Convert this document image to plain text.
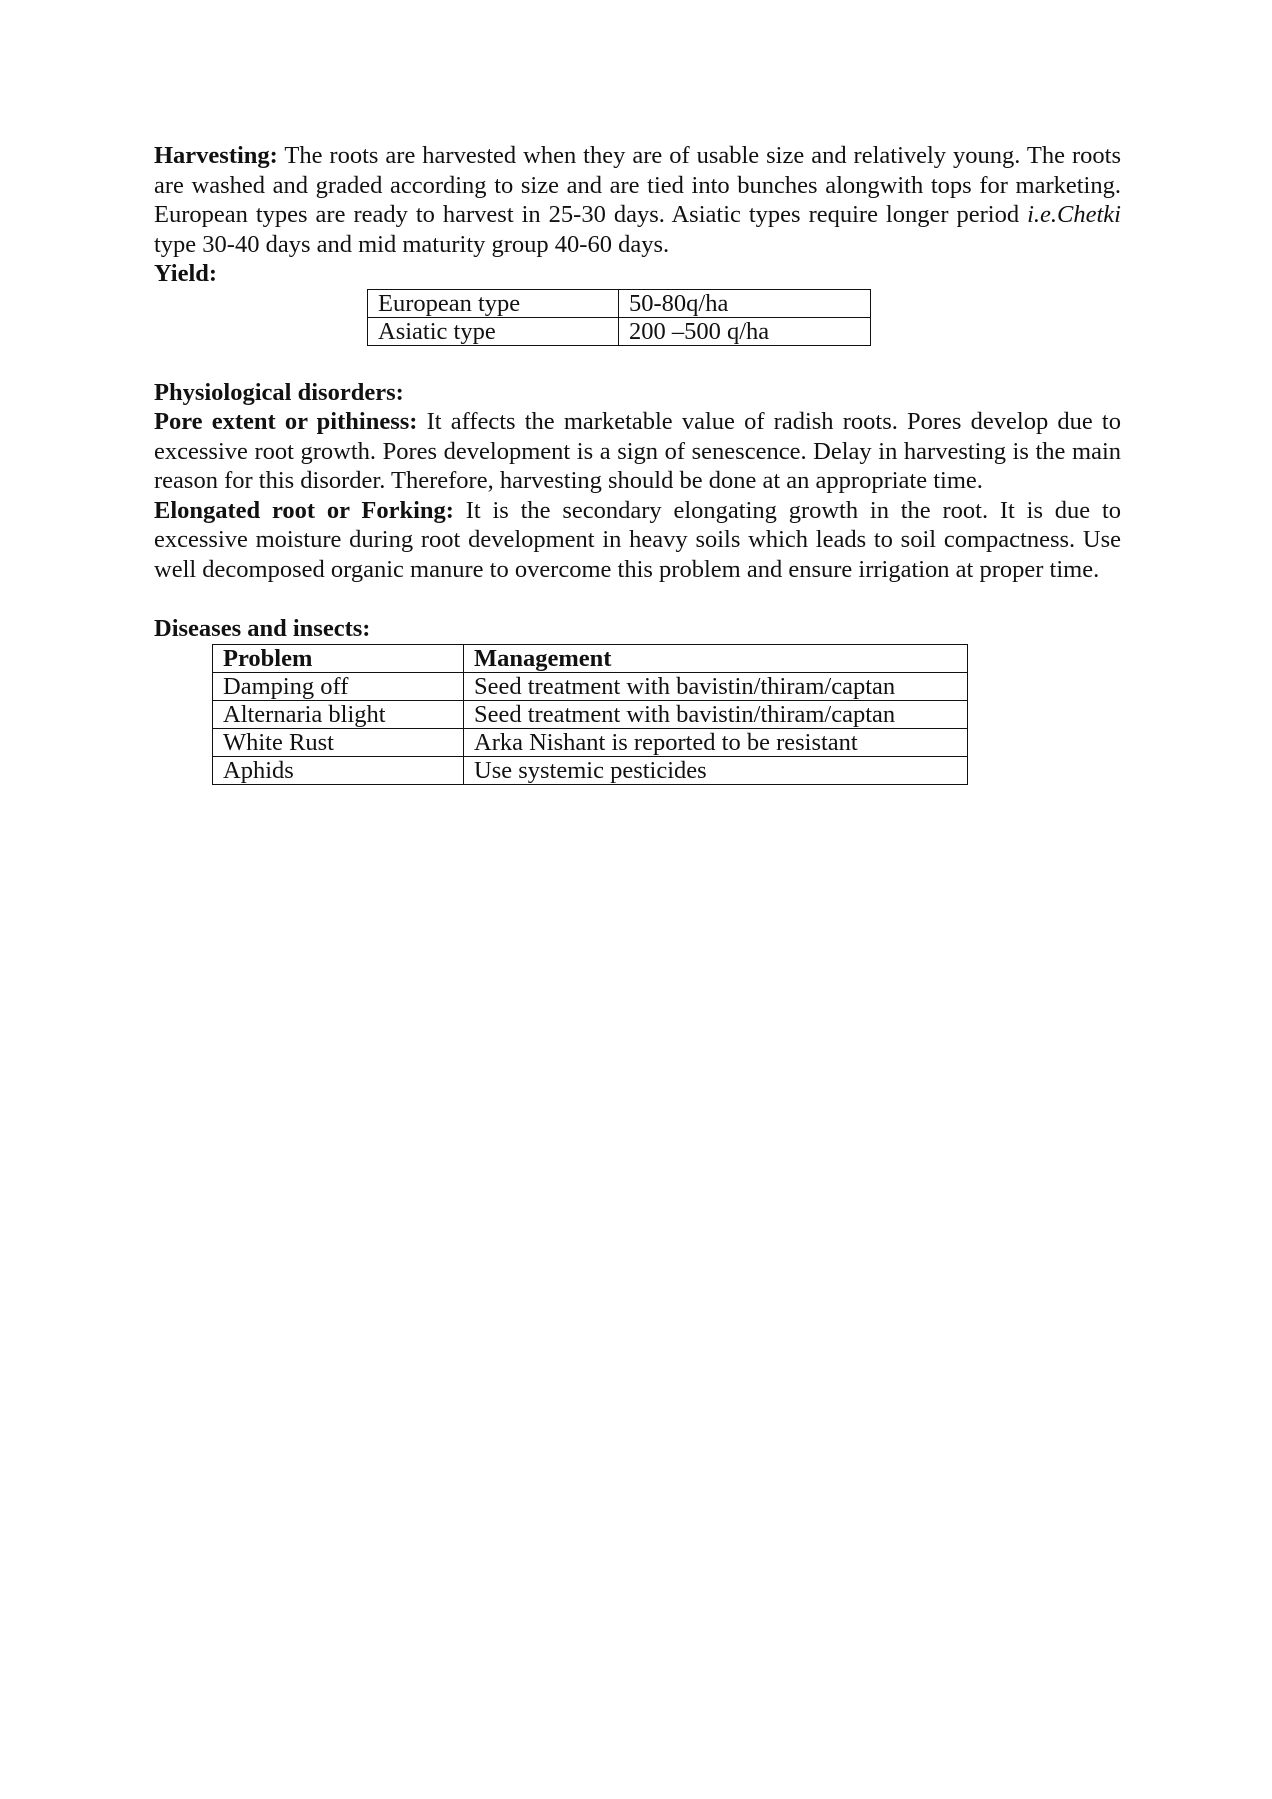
Harvesting: The roots are harvested when they are of usable size and relatively young. The roots are washed and graded according to size and are tied into bunches alongwith tops for marketing. European types are ready to harvest in 25-30 days. Asiatic types require longer period i.e.Chetki type 30-40 days and mid maturity group 40-60 days.

Yield:

European type	50-80q/ha
Asiatic type	200 –500 q/ha

Physiological disorders:

Pore extent or pithiness: It affects the marketable value of radish roots. Pores develop due to excessive root growth. Pores development is a sign of senescence. Delay in harvesting is the main reason for this disorder. Therefore, harvesting should be done at an appropriate time.

Elongated root or Forking: It is the secondary elongating growth in the root. It is due to excessive moisture during root development in heavy soils which leads to soil compactness. Use well decomposed organic manure to overcome this problem and ensure irrigation at proper time.

Diseases and insects:

Problem	Management
Damping off	Seed treatment with bavistin/thiram/captan
Alternaria blight	Seed treatment with bavistin/thiram/captan
White Rust	Arka Nishant is reported to be resistant
Aphids	Use systemic pesticides
